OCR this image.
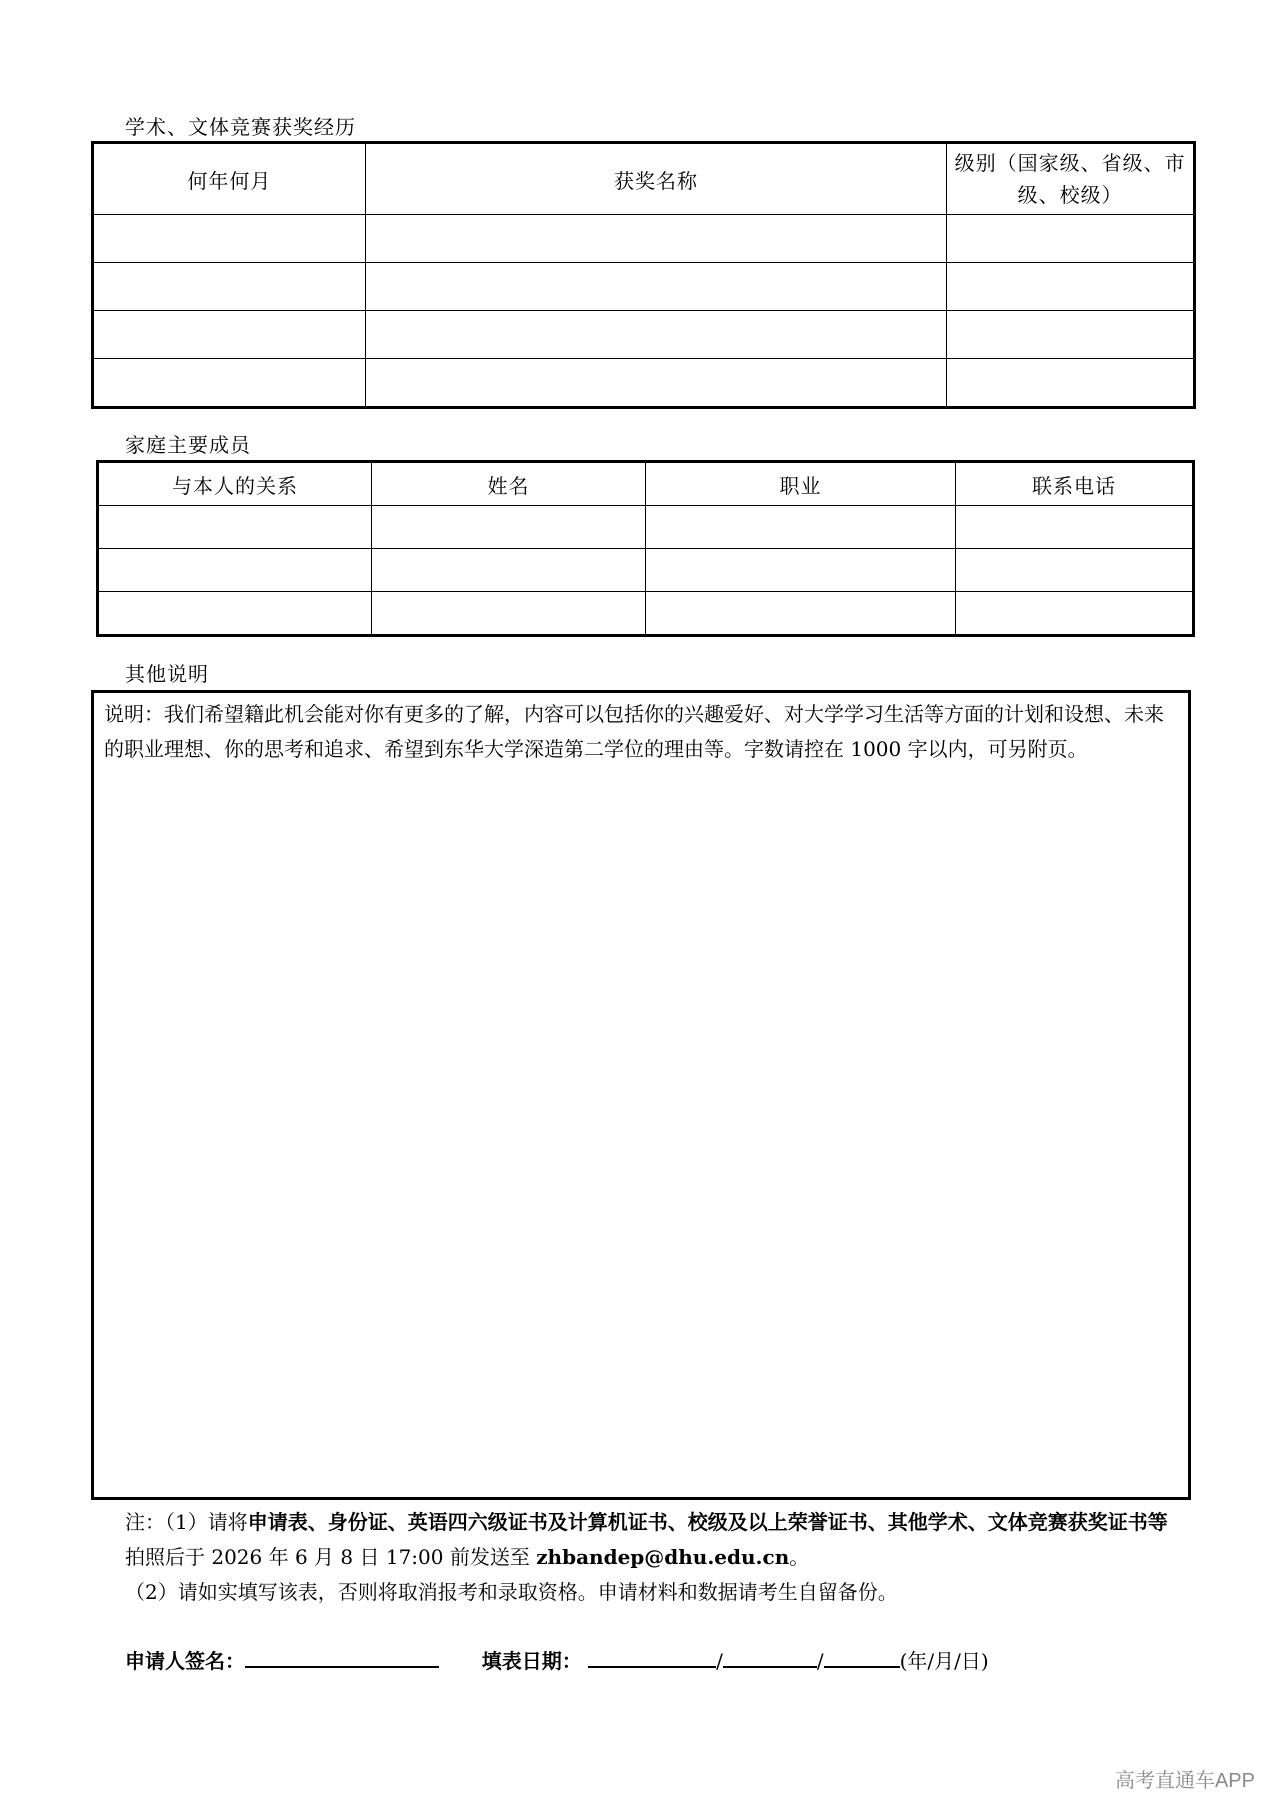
学术、文体竞赛获奖经历
何年何月	获奖名称	级别（国家级、省级、市级、校级）

家庭主要成员
与本人的关系	姓名	职业	联系电话

其他说明

说明：我们希望籍此机会能对你有更多的了解，内容可以包括你的兴趣爱好、对大学学习生活等方面的计划和设想、未来的职业理想、你的思考和追求、希望到东华大学深造第二学位的理由等。字数请控在 1000 字以内，可另附页。

注：（1）请将申请表、身份证、英语四六级证书及计算机证书、校级及以上荣誉证书、其他学术、文体竞赛获奖证书等拍照后于 2026 年 6 月 8 日 17:00 前发送至 zhbandep@dhu.edu.cn。

（2）请如实填写该表，否则将取消报考和录取资格。申请材料和数据请考生自留备份。

申请人签名：	填表日期：	/	/	(年/月/日)
高考直通车APP
